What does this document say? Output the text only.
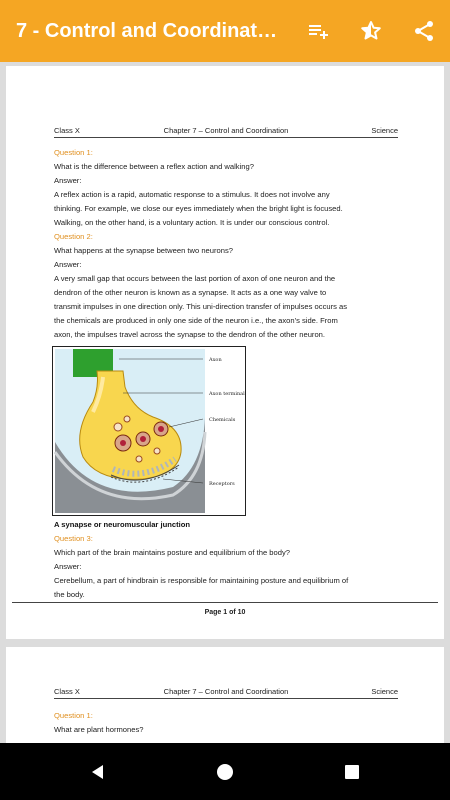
7 - Control and Coordinat…
Class X	Chapter 7 – Control and Coordination	Science
Question 1:
What is the difference between a reflex action and walking?
Answer:
A reflex action is a rapid, automatic response to a stimulus. It does not involve any
thinking. For example, we close our eyes immediately when the bright light is focused.
Walking, on the other hand, is a voluntary action. It is under our conscious control.
Question 2:
What happens at the synapse between two neurons?
Answer:
A very small gap that occurs between the last portion of axon of one neuron and the
dendron of the other neuron is known as a synapse. It acts as a one way valve to
transmit impulses in one direction only. This uni-direction transfer of impulses occurs as
the chemicals are produced in only one side of the neuron i.e., the axon's side. From
axon, the impulses travel across the synapse to the dendron of the other neuron.
Axon
Axon terminal
Chemicals
Receptors
A synapse or neuromuscular junction
Question 3:
Which part of the brain maintains posture and equilibrium of the body?
Answer:
Cerebellum, a part of hindbrain is responsible for maintaining posture and equilibrium of
the body.
Page 1 of 10
Class X	Chapter 7 – Control and Coordination	Science
Question 1:
What are plant hormones?
